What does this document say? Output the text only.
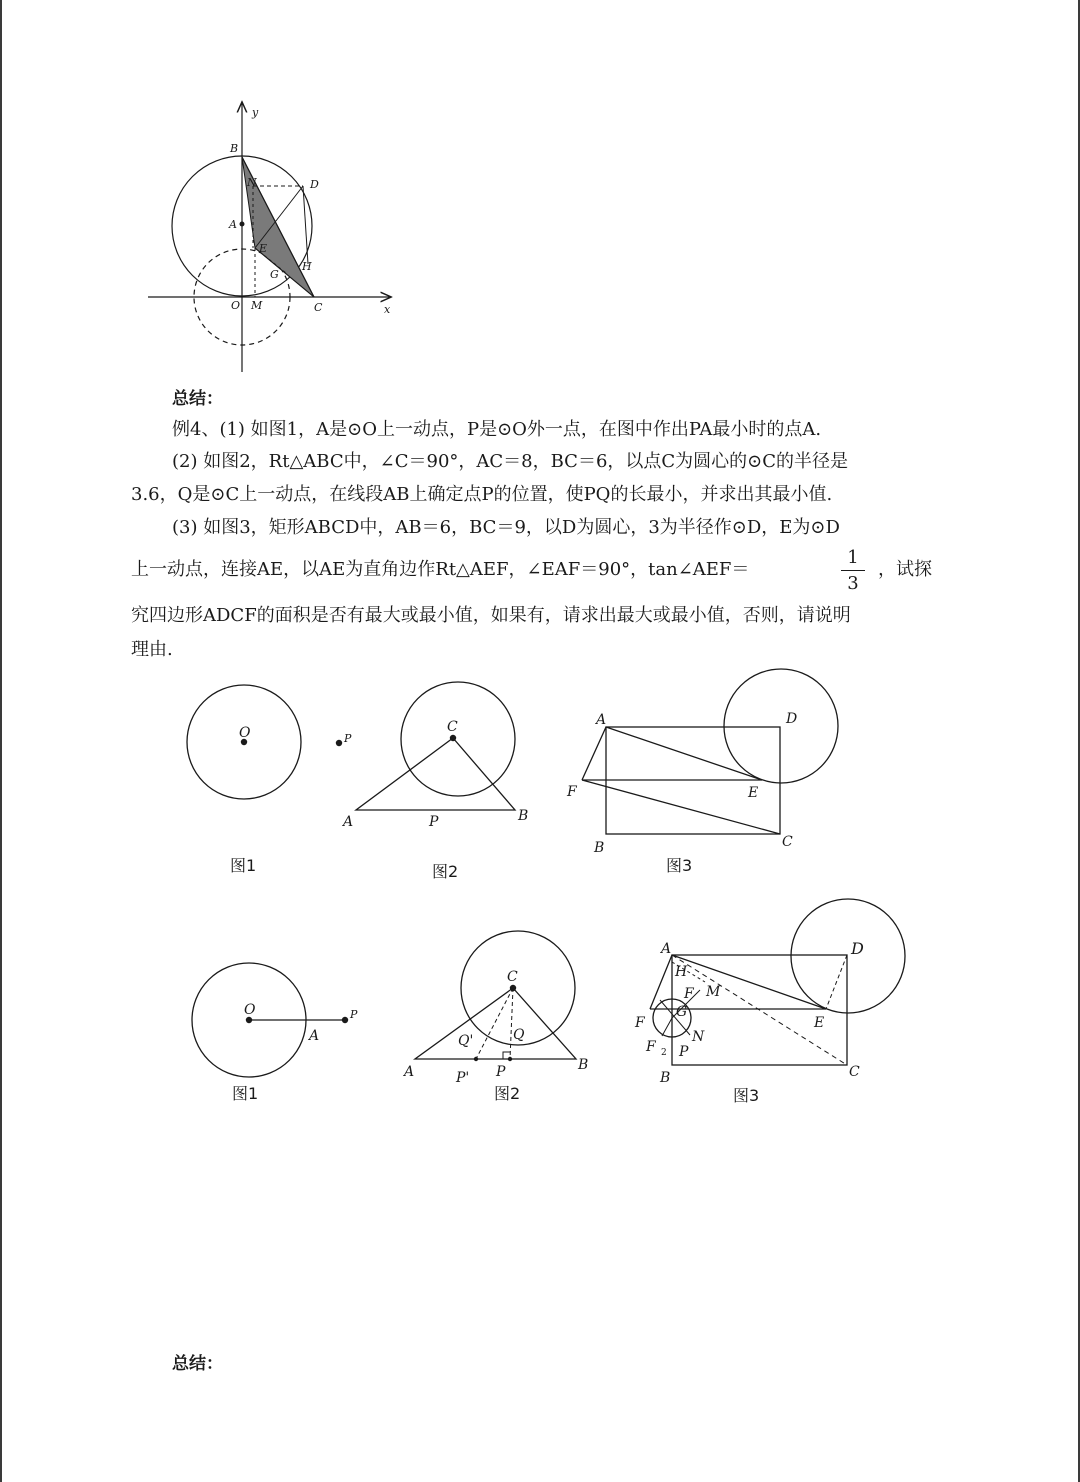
y
x
B
D
A
N
E
H
G
O M	C
O	P
图1
C
A	P	B
图2
A	D
F	E
B	C
图3
O
A
P
图1
C
Q'	Q
A	P' P	B
图2
A	D
H
F M
G
F	E
N
F 2 P
B	C
图3
总结：
例4、(1) 如图1，A是⊙O上一动点，P是⊙O外一点，在图中作出PA最小时的点A.
(2) 如图2，Rt△ABC中，∠C＝90°，AC＝8，BC＝6，以点C为圆心的⊙C的半径是
3.6，Q是⊙C上一动点，在线段AB上确定点P的位置，使PQ的长最小，并求出其最小值.
(3) 如图3，矩形ABCD中，AB＝6，BC＝9，以D为圆心，3为半径作⊙D，E为⊙D
上一动点，连接AE，以AE为直角边作Rt△AEF，∠EAF＝90°，tan∠AEF＝
1
3
，试探
究四边形ADCF的面积是否有最大或最小值，如果有，请求出最大或最小值，否则，请说明
理由.
总结：
